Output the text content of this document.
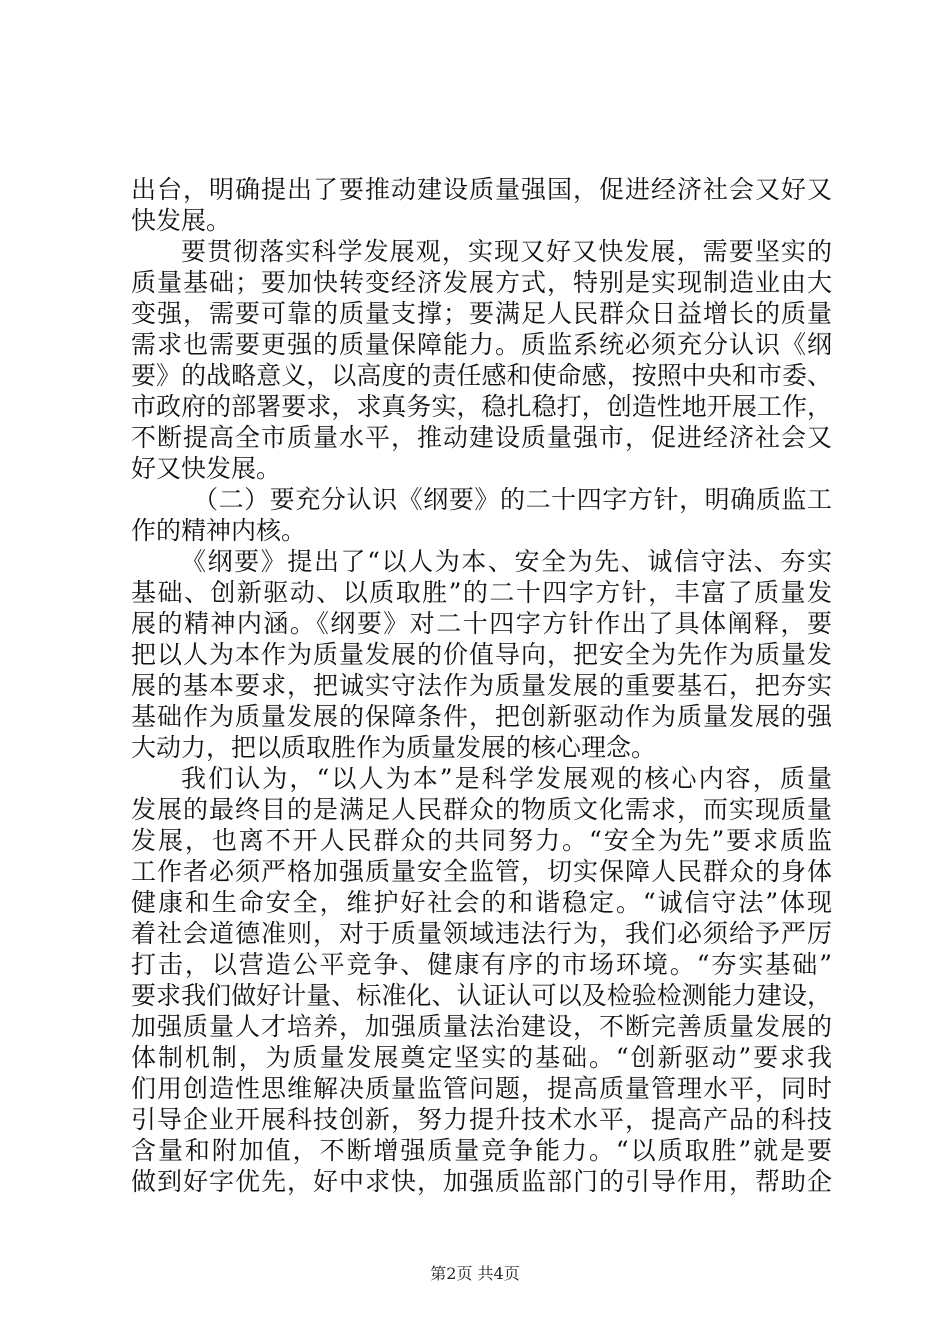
出台，明确提出了要推动建设质量强国，促进经济社会又好又
快发展。
要贯彻落实科学发展观，实现又好又快发展，需要坚实的
质量基础；要加快转变经济发展方式，特别是实现制造业由大
变强，需要可靠的质量支撑；要满足人民群众日益增长的质量
需求也需要更强的质量保障能力。质监系统必须充分认识《纲
要》的战略意义，以高度的责任感和使命感，按照中央和市委、
市政府的部署要求，求真务实，稳扎稳打，创造性地开展工作，
不断提高全市质量水平，推动建设质量强市，促进经济社会又
好又快发展。
（二）要充分认识《纲要》的二十四字方针，明确质监工
作的精神内核。
《纲要》提出了“以人为本、安全为先、诚信守法、夯实
基础、创新驱动、以质取胜”的二十四字方针，丰富了质量发
展的精神内涵。《纲要》对二十四字方针作出了具体阐释，要
把以人为本作为质量发展的价值导向，把安全为先作为质量发
展的基本要求，把诚实守法作为质量发展的重要基石，把夯实
基础作为质量发展的保障条件，把创新驱动作为质量发展的强
大动力，把以质取胜作为质量发展的核心理念。
我们认为，“以人为本”是科学发展观的核心内容，质量
发展的最终目的是满足人民群众的物质文化需求，而实现质量
发展，也离不开人民群众的共同努力。“安全为先”要求质监
工作者必须严格加强质量安全监管，切实保障人民群众的身体
健康和生命安全，维护好社会的和谐稳定。“诚信守法”体现
着社会道德准则，对于质量领域违法行为，我们必须给予严厉
打击，以营造公平竞争、健康有序的市场环境。“夯实基础”
要求我们做好计量、标准化、认证认可以及检验检测能力建设，
加强质量人才培养，加强质量法治建设，不断完善质量发展的
体制机制，为质量发展奠定坚实的基础。“创新驱动”要求我
们用创造性思维解决质量监管问题，提高质量管理水平，同时
引导企业开展科技创新，努力提升技术水平，提高产品的科技
含量和附加值，不断增强质量竞争能力。“以质取胜”就是要
做到好字优先，好中求快，加强质监部门的引导作用，帮助企
第2页 共4页
